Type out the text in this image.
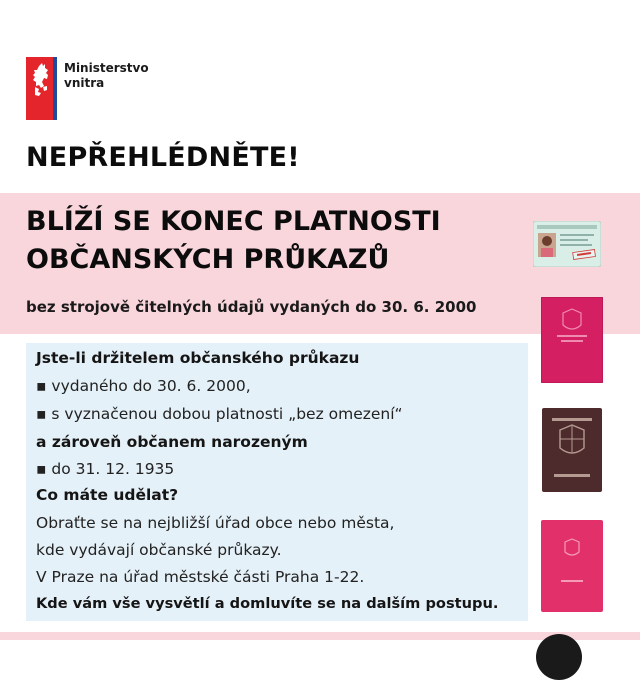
Ministerstvo
vnitra
NEPŘEHLÉDNĚTE!
BLÍŽÍ SE KONEC PLATNOSTI
OBČANSKÝCH PRŮKAZŮ
bez strojově čitelných údajů vydaných do 30. 6. 2000
Jste-li držitelem občanského průkazu
▪ vydaného do 30. 6. 2000,
▪ s vyznačenou dobou platnosti „bez omezení“
a zároveň občanem narozeným
▪ do 31. 12. 1935
Co máte udělat?
Obraťte se na nejbližší úřad obce nebo města,
kde vydávají občanské průkazy.
V Praze na úřad městské části Praha 1-22.
Kde vám vše vysvětlí a domluvíte se na dalším postupu.
